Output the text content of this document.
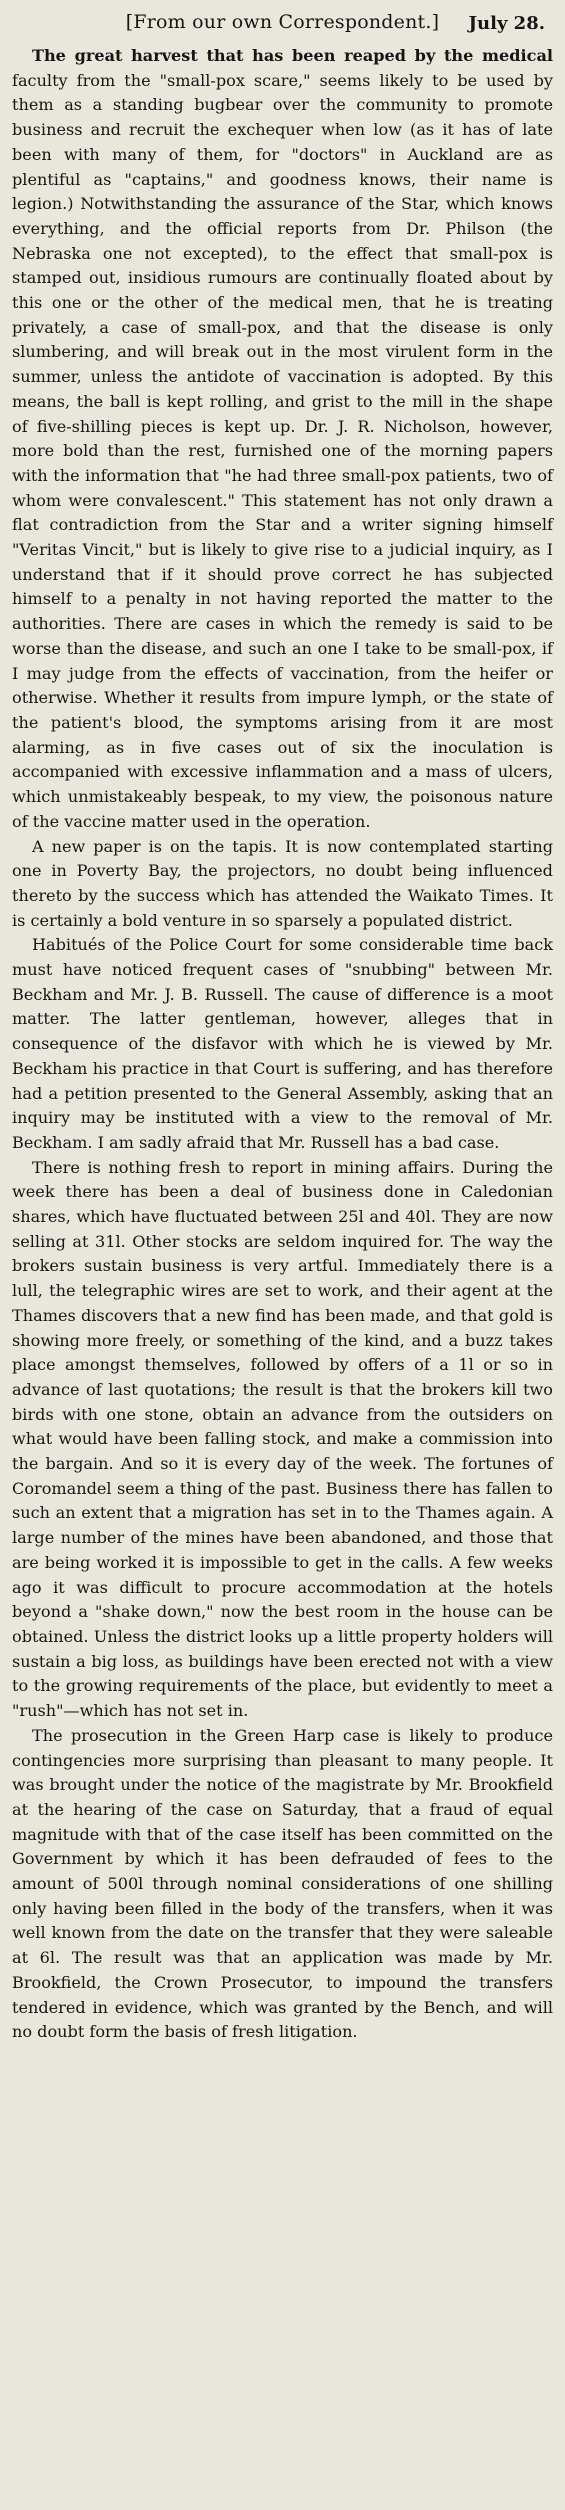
[From our own Correspondent.]	July 28.

The great harvest that has been reaped by the medical faculty from the "small-pox scare," seems likely to be used by them as a standing bugbear over the community to promote business and recruit the exchequer when low (as it has of late been with many of them, for "doctors" in Auckland are as plentiful as "captains," and goodness knows, their name is legion.) Notwithstanding the assurance of the Star, which knows everything, and the official reports from Dr. Philson (the Nebraska one not excepted), to the effect that small-pox is stamped out, insidious rumours are continually floated about by this one or the other of the medical men, that he is treating privately, a case of small-pox, and that the disease is only slumbering, and will break out in the most virulent form in the summer, unless the antidote of vaccination is adopted. By this means, the ball is kept rolling, and grist to the mill in the shape of five-shilling pieces is kept up. Dr. J. R. Nicholson, however, more bold than the rest, furnished one of the morning papers with the information that "he had three small-pox patients, two of whom were convalescent." This statement has not only drawn a flat contradiction from the Star and a writer signing himself "Veritas Vincit," but is likely to give rise to a judicial inquiry, as I understand that if it should prove correct he has subjected himself to a penalty in not having reported the matter to the authorities. There are cases in which the remedy is said to be worse than the disease, and such an one I take to be small-pox, if I may judge from the effects of vaccination, from the heifer or otherwise. Whether it results from impure lymph, or the state of the patient's blood, the symptoms arising from it are most alarming, as in five cases out of six the inoculation is accompanied with excessive inflammation and a mass of ulcers, which unmistakeably bespeak, to my view, the poisonous nature of the vaccine matter used in the operation.

A new paper is on the tapis. It is now contemplated starting one in Poverty Bay, the projectors, no doubt being influenced thereto by the success which has attended the Waikato Times. It is certainly a bold venture in so sparsely a populated district.

Habitués of the Police Court for some considerable time back must have noticed frequent cases of "snubbing" between Mr. Beckham and Mr. J. B. Russell. The cause of difference is a moot matter. The latter gentleman, however, alleges that in consequence of the disfavor with which he is viewed by Mr. Beckham his practice in that Court is suffering, and has therefore had a petition presented to the General Assembly, asking that an inquiry may be instituted with a view to the removal of Mr. Beckham. I am sadly afraid that Mr. Russell has a bad case.

There is nothing fresh to report in mining affairs. During the week there has been a deal of business done in Caledonian shares, which have fluctuated between 25l and 40l. They are now selling at 31l. Other stocks are seldom inquired for. The way the brokers sustain business is very artful. Immediately there is a lull, the telegraphic wires are set to work, and their agent at the Thames discovers that a new find has been made, and that gold is showing more freely, or something of the kind, and a buzz takes place amongst themselves, followed by offers of a 1l or so in advance of last quotations; the result is that the brokers kill two birds with one stone, obtain an advance from the outsiders on what would have been falling stock, and make a commission into the bargain. And so it is every day of the week. The fortunes of Coromandel seem a thing of the past. Business there has fallen to such an extent that a migration has set in to the Thames again. A large number of the mines have been abandoned, and those that are being worked it is impossible to get in the calls. A few weeks ago it was difficult to procure accommodation at the hotels beyond a "shake down," now the best room in the house can be obtained. Unless the district looks up a little property holders will sustain a big loss, as buildings have been erected not with a view to the growing requirements of the place, but evidently to meet a "rush"—which has not set in.

The prosecution in the Green Harp case is likely to produce contingencies more surprising than pleasant to many people. It was brought under the notice of the magistrate by Mr. Brookfield at the hearing of the case on Saturday, that a fraud of equal magnitude with that of the case itself has been committed on the Government by which it has been defrauded of fees to the amount of 500l through nominal considerations of one shilling only having been filled in the body of the transfers, when it was well known from the date on the transfer that they were saleable at 6l. The result was that an application was made by Mr. Brookfield, the Crown Prosecutor, to impound the transfers tendered in evidence, which was granted by the Bench, and will no doubt form the basis of fresh litigation.
